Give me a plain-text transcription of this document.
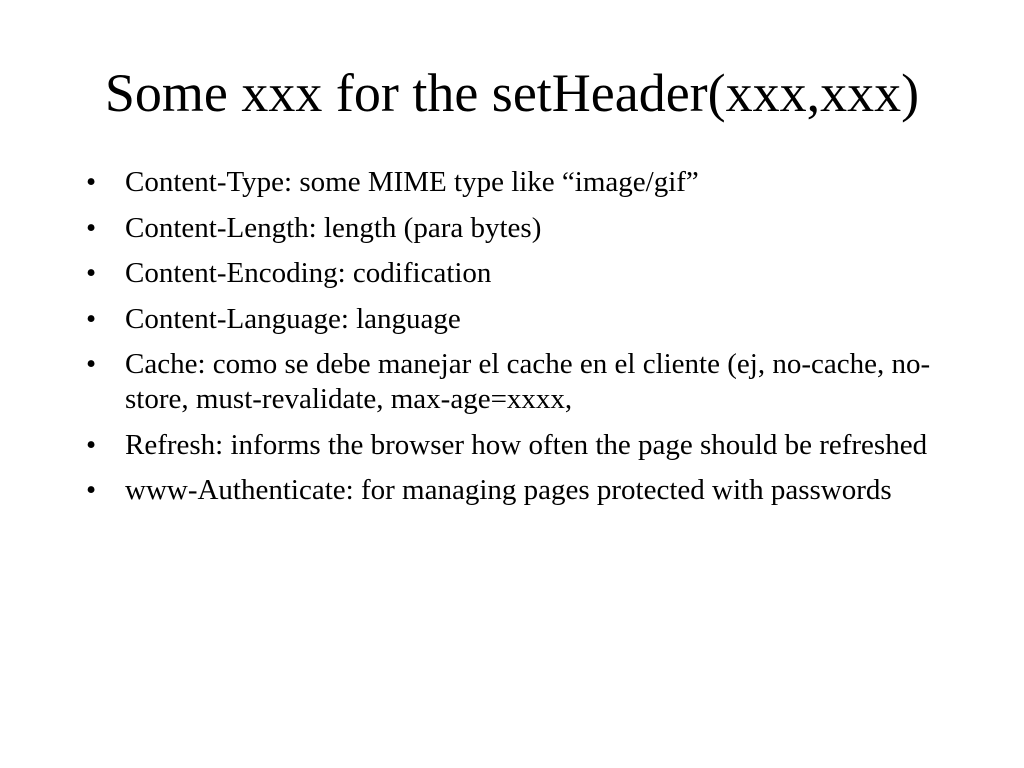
Some xxx for the setHeader(xxx,xxx)
• Content-Type: some MIME type like “image/gif”
• Content-Length: length (para bytes)
• Content-Encoding: codification
• Content-Language: language
• Cache: como se debe manejar el cache en el cliente (ej, no-cache, no-store, must-revalidate, max-age=xxxx,
• Refresh: informs the browser how often the page should be refreshed
• www-Authenticate: for managing pages protected with passwords
